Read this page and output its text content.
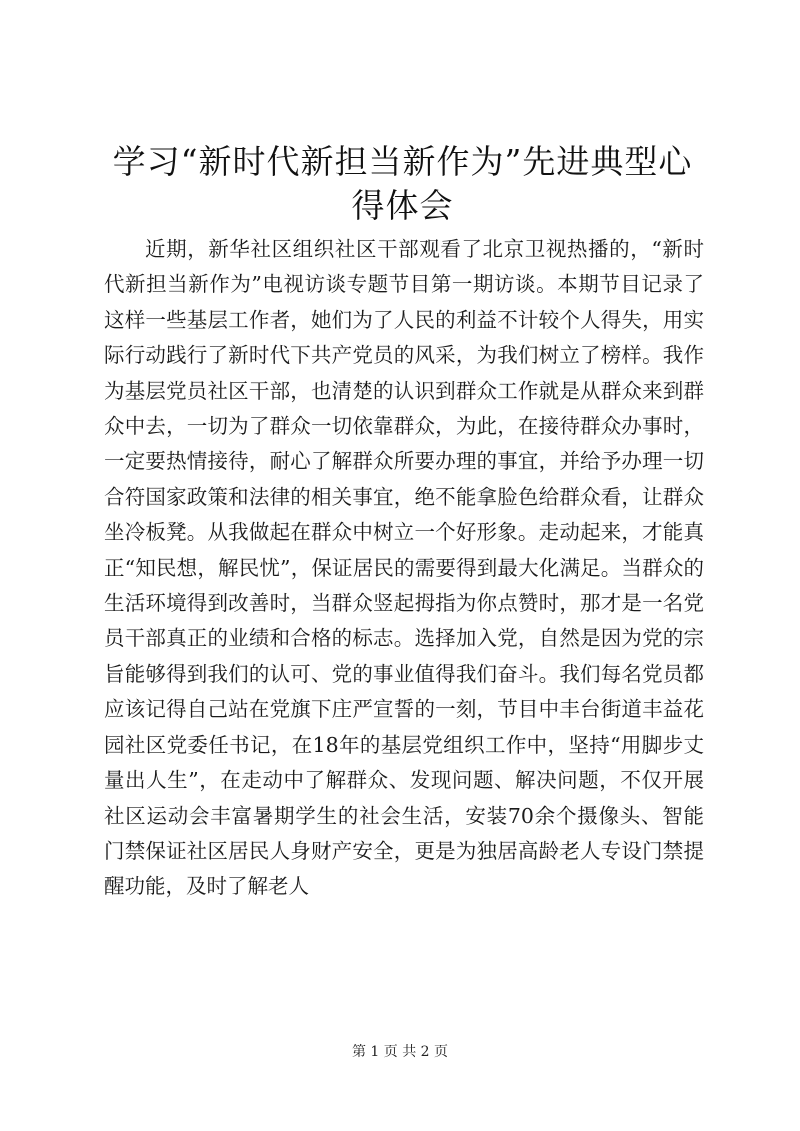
学习“新时代新担当新作为”先进典型心得体会

近期，新华社区组织社区干部观看了北京卫视热播的，“新时代新担当新作为”电视访谈专题节目第一期访谈。本期节目记录了这样一些基层工作者，她们为了人民的利益不计较个人得失，用实际行动践行了新时代下共产党员的风采，为我们树立了榜样。我作为基层党员社区干部，也清楚的认识到群众工作就是从群众来到群众中去，一切为了群众一切依靠群众，为此，在接待群众办事时，一定要热情接待，耐心了解群众所要办理的事宜，并给予办理一切合符国家政策和法律的相关事宜，绝不能拿脸色给群众看，让群众坐冷板凳。从我做起在群众中树立一个好形象。走动起来，才能真正“知民想，解民忧”，保证居民的需要得到最大化满足。当群众的生活环境得到改善时，当群众竖起拇指为你点赞时，那才是一名党员干部真正的业绩和合格的标志。选择加入党，自然是因为党的宗旨能够得到我们的认可、党的事业值得我们奋斗。我们每名党员都应该记得自己站在党旗下庄严宣誓的一刻，节目中丰台街道丰益花园社区党委任书记，在18年的基层党组织工作中，坚持“用脚步丈量出人生”，在走动中了解群众、发现问题、解决问题，不仅开展社区运动会丰富暑期学生的社会生活，安装70余个摄像头、智能门禁保证社区居民人身财产安全，更是为独居高龄老人专设门禁提醒功能，及时了解老人

第 1 页 共 2 页
